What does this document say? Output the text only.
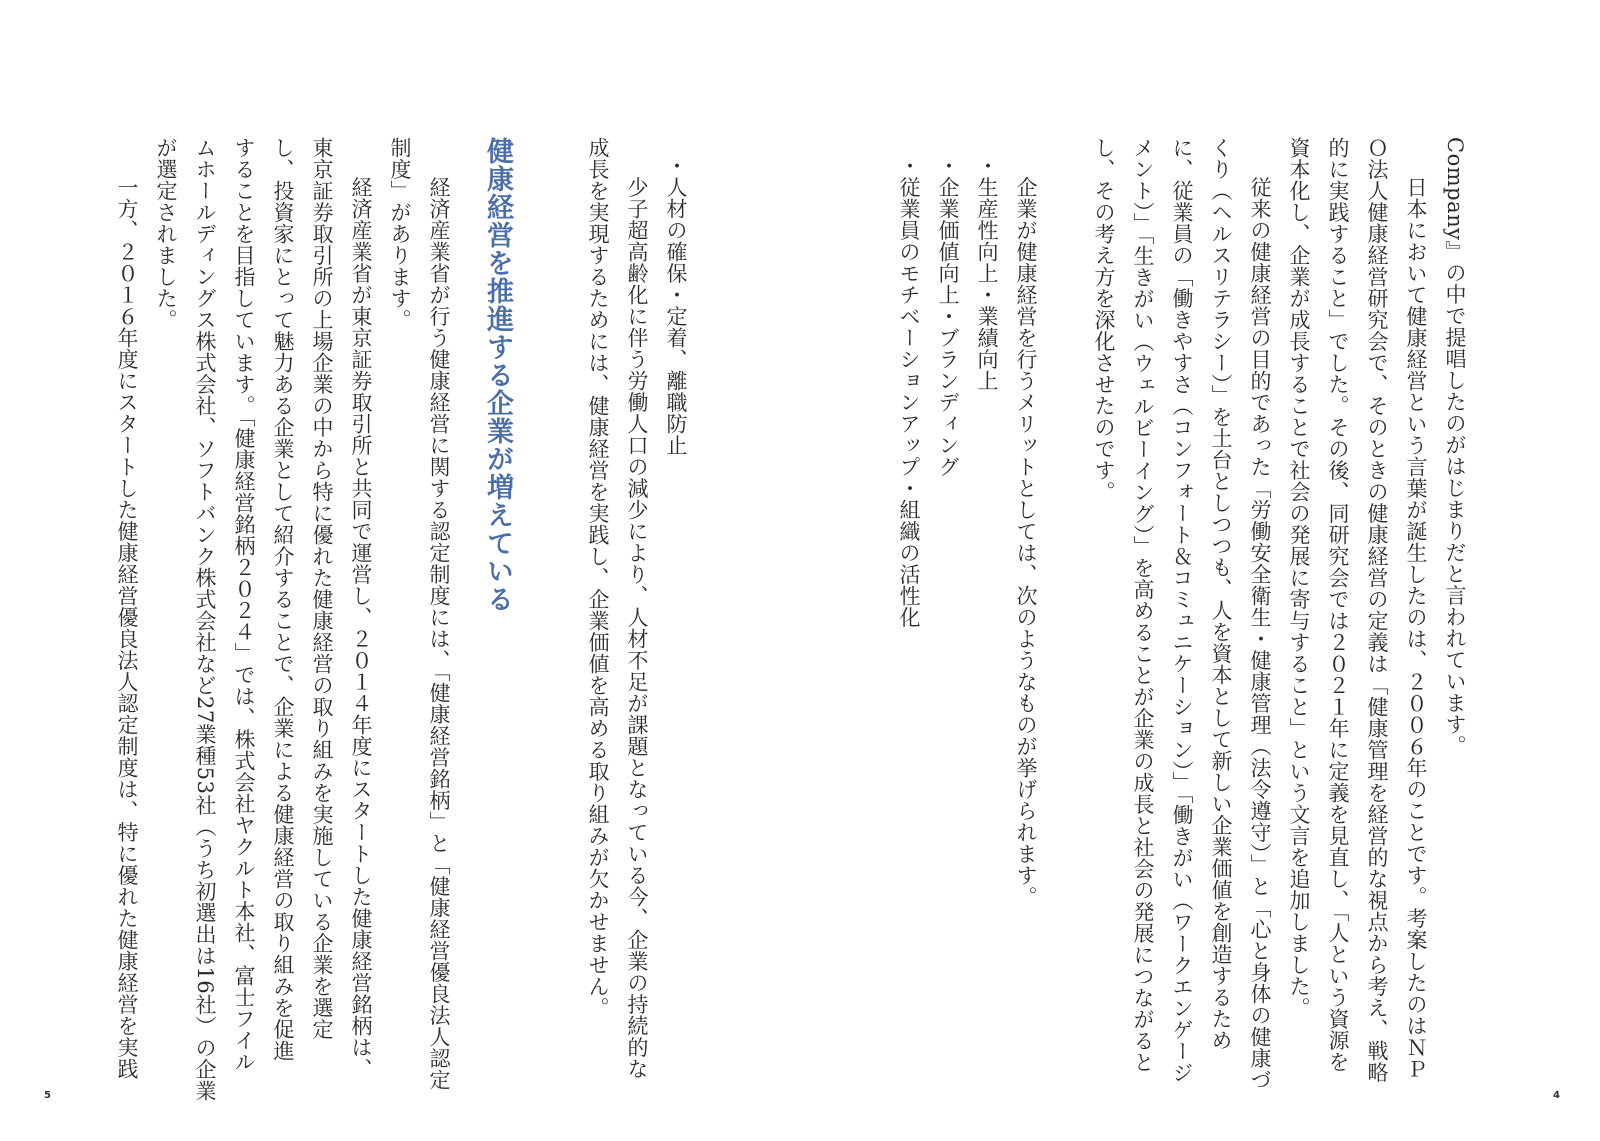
Company』の中で提唱したのがはじまりだと言われています。
　日本において健康経営という言葉が誕生したのは、２００６年のことです。考案したのはＮＰ
Ｏ法人健康経営研究会で、そのときの健康経営の定義は「健康管理を経営的な視点から考え、戦略
的に実践すること」でした。その後、同研究会では２０２１年に定義を見直し、「人という資源を
資本化し、企業が成長することで社会の発展に寄与すること」という文言を追加しました。
　従来の健康経営の目的であった「労働安全衛生・健康管理（法令遵守）」と「心と身体の健康づ
くり（ヘルスリテラシー）」を土台としつつも、人を資本として新しい企業価値を創造するため
に、従業員の「働きやすさ（コンフォート＆コミュニケーション）」「働きがい（ワークエンゲージ
メント）」「生きがい（ウェルビーイング）」を高めることが企業の成長と社会の発展につながると
し、その考え方を深化させたのです。
　企業が健康経営を行うメリットとしては、次のようなものが挙げられます。
・生産性向上・業績向上
・企業価値向上・ブランディング
・従業員のモチベーションアップ・組織の活性化
4
・人材の確保・定着、離職防止
　少子超高齢化に伴う労働人口の減少により、人材不足が課題となっている今、企業の持続的な
成長を実現するためには、健康経営を実践し、企業価値を高める取り組みが欠かせません。
健康経営を推進する企業が増えている
　経済産業省が行う健康経営に関する認定制度には、「健康経営銘柄」と「健康経営優良法人認定
制度」があります。
　経済産業省が東京証券取引所と共同で運営し、２０１４年度にスタートした健康経営銘柄は、
東京証券取引所の上場企業の中から特に優れた健康経営の取り組みを実施している企業を選定
し、投資家にとって魅力ある企業として紹介することで、企業による健康経営の取り組みを促進
することを目指しています。「健康経営銘柄２０２４」では、株式会社ヤクルト本社、富士フイル
ムホールディングス株式会社、ソフトバンク株式会社など27業種53社（うち初選出は16社）の企業
が選定されました。
　一方、２０１６年度にスタートした健康経営優良法人認定制度は、特に優れた健康経営を実践
5
